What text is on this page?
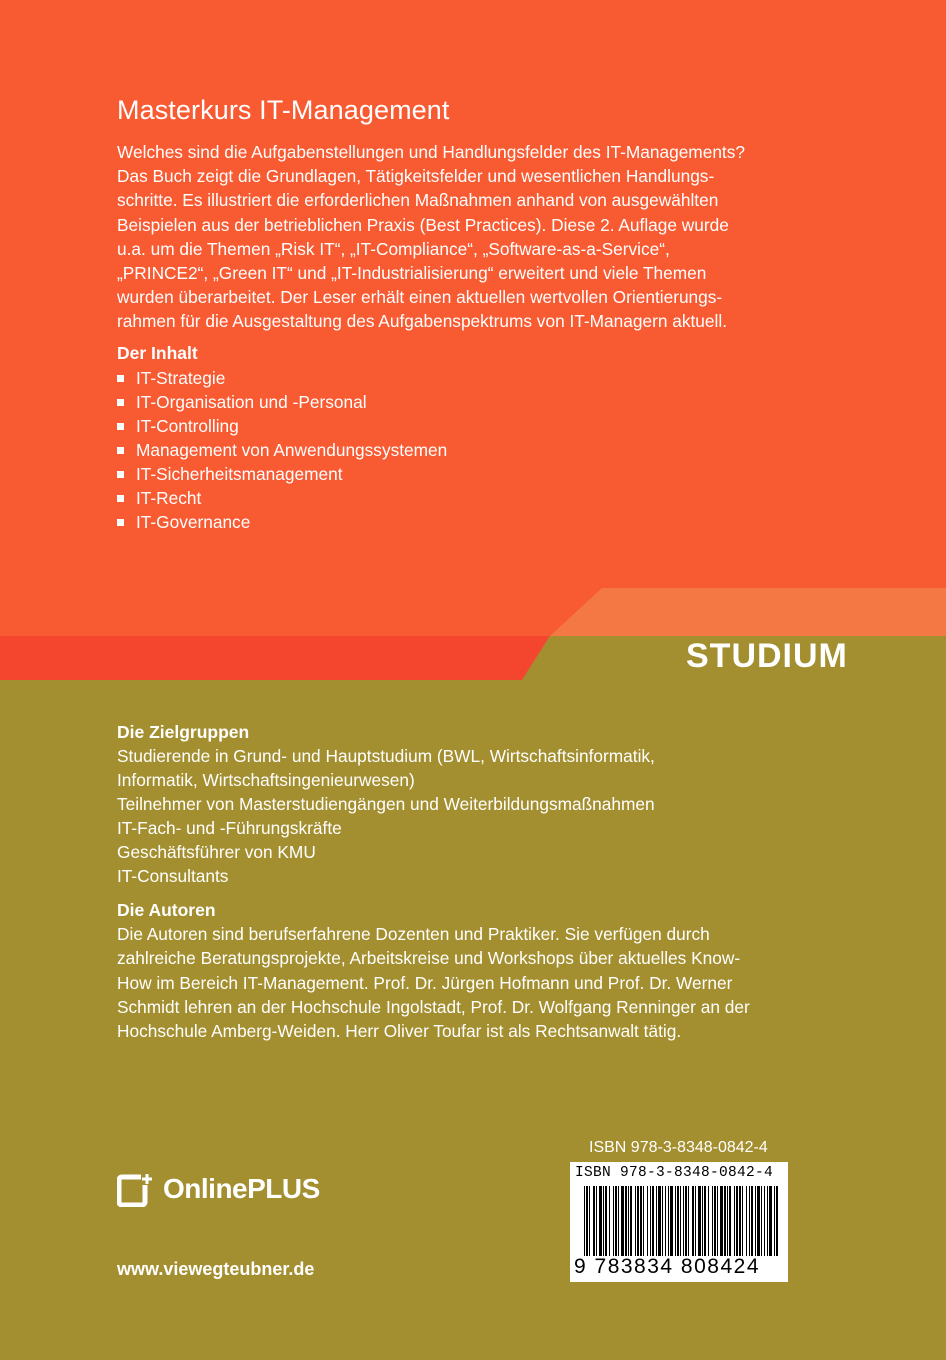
Masterkurs IT-Management
Welches sind die Aufgabenstellungen und Handlungsfelder des IT-Managements?
Das Buch zeigt die Grundlagen, Tätigkeitsfelder und wesentlichen Handlungs-
schritte. Es illustriert die erforderlichen Maßnahmen anhand von ausgewählten
Beispielen aus der betrieblichen Praxis (Best Practices). Diese 2. Auflage wurde
u.a. um die Themen „Risk IT“, „IT-Compliance“, „Software-as-a-Service“,
„PRINCE2“, „Green IT“ und „IT-Industrialisierung“ erweitert und viele Themen
wurden überarbeitet. Der Leser erhält einen aktuellen wertvollen Orientierungs-
rahmen für die Ausgestaltung des Aufgabenspektrums von IT-Managern aktuell.
Der Inhalt
IT-Strategie
IT-Organisation und -Personal
IT-Controlling
Management von Anwendungssystemen
IT-Sicherheitsmanagement
IT-Recht
IT-Governance
STUDIUM
Die Zielgruppen
Studierende in Grund- und Hauptstudium (BWL, Wirtschaftsinformatik,
Informatik, Wirtschaftsingenieurwesen)
Teilnehmer von Masterstudiengängen und Weiterbildungsmaßnahmen
IT-Fach- und -Führungskräfte
Geschäftsführer von KMU
IT-Consultants
Die Autoren
Die Autoren sind berufserfahrene Dozenten und Praktiker. Sie verfügen durch
zahlreiche Beratungsprojekte, Arbeitskreise und Workshops über aktuelles Know-
How im Bereich IT-Management. Prof. Dr. Jürgen Hofmann und Prof. Dr. Werner
Schmidt lehren an der Hochschule Ingolstadt, Prof. Dr. Wolfgang Renninger an der
Hochschule Amberg-Weiden. Herr Oliver Toufar ist als Rechtsanwalt tätig.
ISBN 978-3-8348-0842-4
ISBN 978-3-8348-0842-4
9 783834 808424
OnlinePLUS
www.viewegteubner.de
